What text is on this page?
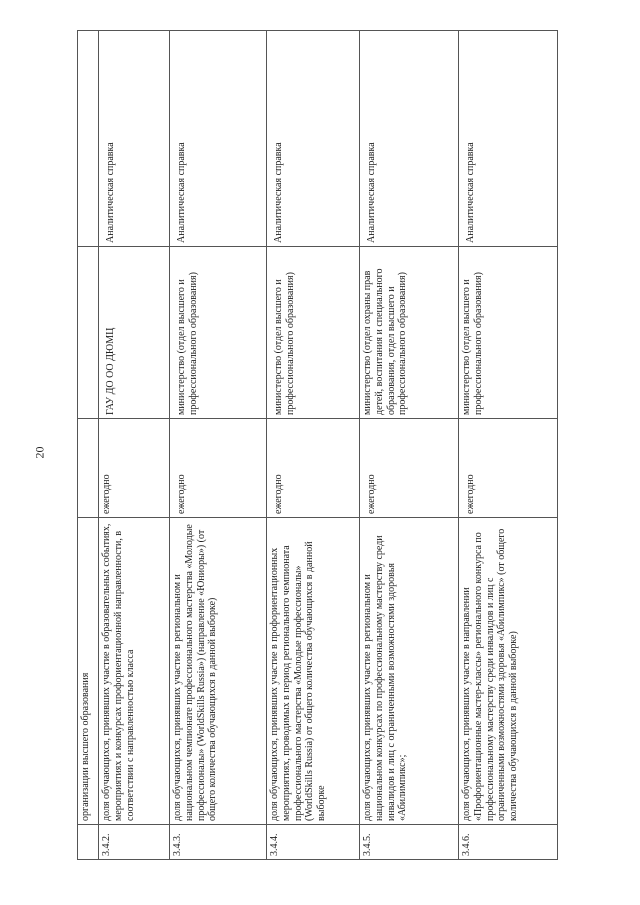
20
	организации высшего образования			
3.4.2.	доля обучающихся, принявших участие в образовательных событиях, мероприятиях и конкурсах профориентационной направленности, в соответствии с направленностью класса	ежегодно	ГАУ ДО ОО ДЮМЦ	Аналитическая справка
3.4.3.	доля обучающихся, принявших участие в региональном и национальном чемпионате профессионального мастерства «Молодые профессионалы» (WorldSkills Russia») (направление «Юниоры») (от общего количества обучающихся в данной выборке)	ежегодно	министерство (отдел высшего и профессионального образования)	Аналитическая справка
3.4.4.	доля обучающихся, принявших участие в профориентационных мероприятиях, проводимых в период регионального чемпионата профессионального мастерства «Молодые профессионалы» (WorldSkills Russia) от общего количества обучающихся в данной выборке	ежегодно	министерство (отдел высшего и профессионального образования)	Аналитическая справка
3.4.5.	доля обучающихся, принявших участие в региональном и национальном конкурсах по профессиональному мастерству среди инвалидов и лиц с ограниченными возможностями здоровья «Абилимпикс»;	ежегодно	министерство (отдел охраны прав детей, воспитания и специального образования, отдел высшего и профессионального образования)	Аналитическая справка
3.4.6.	доля обучающихся, принявших участие в направлении «Профориентационные мастер-классы» регионального конкурса по профессиональному мастерству среди инвалидов и лиц с ограниченными возможностями здоровья «Абилимпикс» (от общего количества обучающихся в данной выборке)	ежегодно	министерство (отдел высшего и профессионального образования)	Аналитическая справка
